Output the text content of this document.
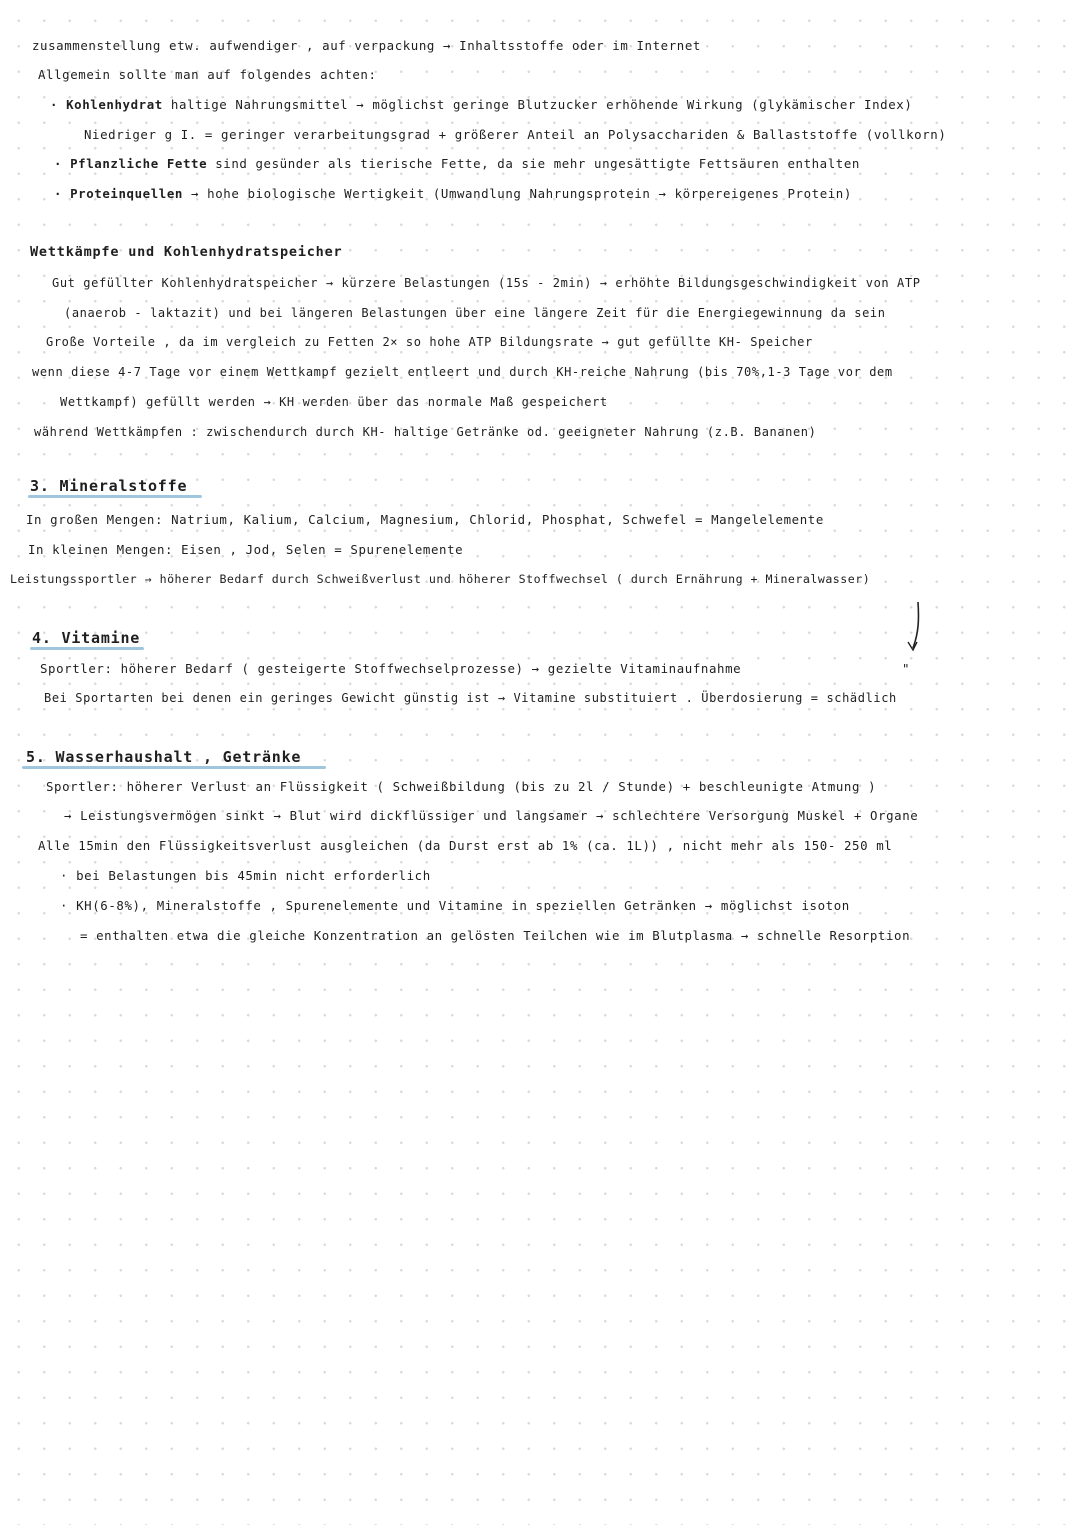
zusammenstellung etw. aufwendiger , auf verpackung → Inhaltsstoffe oder im Internet
Allgemein sollte man auf folgendes achten:
· Kohlenhydrat haltige Nahrungsmittel → möglichst geringe Blutzucker erhöhende Wirkung (glykämischer Index)
Niedriger g I. = geringer verarbeitungsgrad + größerer Anteil an Polysacchariden & Ballaststoffe (vollkorn)
· Pflanzliche Fette sind gesünder als tierische Fette, da sie mehr ungesättigte Fettsäuren enthalten
· Proteinquellen → hohe biologische Wertigkeit (Umwandlung Nahrungsprotein → körpereigenes Protein)
Wettkämpfe und Kohlenhydratspeicher
Gut gefüllter Kohlenhydratspeicher → kürzere Belastungen (15s - 2min) → erhöhte Bildungsgeschwindigkeit von ATP
(anaerob - laktazit) und bei längeren Belastungen über eine längere Zeit für die Energiegewinnung da sein
Große Vorteile , da im vergleich zu Fetten 2× so hohe ATP Bildungsrate → gut gefüllte KH- Speicher
wenn diese 4-7 Tage vor einem Wettkampf gezielt entleert und durch KH-reiche Nahrung (bis 70%,1-3 Tage vor dem
Wettkampf) gefüllt werden → KH werden über das normale Maß gespeichert
während Wettkämpfen : zwischendurch durch KH- haltige Getränke od. geeigneter Nahrung (z.B. Bananen)
3. Mineralstoffe
In großen Mengen: Natrium, Kalium, Calcium, Magnesium, Chlorid, Phosphat, Schwefel = Mangelelemente
In kleinen Mengen: Eisen , Jod, Selen = Spurenelemente
Leistungssportler → höherer Bedarf durch Schweißverlust und höherer Stoffwechsel ( durch Ernährung + Mineralwasser)
4. Vitamine
Sportler: höherer Bedarf ( gesteigerte Stoffwechselprozesse) → gezielte Vitaminaufnahme	"
Bei Sportarten bei denen ein geringes Gewicht günstig ist → Vitamine substituiert . Überdosierung = schädlich
5. Wasserhaushalt , Getränke
Sportler: höherer Verlust an Flüssigkeit ( Schweißbildung (bis zu 2l / Stunde) + beschleunigte Atmung )
→ Leistungsvermögen sinkt → Blut wird dickflüssiger und langsamer → schlechtere Versorgung Muskel + Organe
Alle 15min den Flüssigkeitsverlust ausgleichen (da Durst erst ab 1% (ca. 1L)) , nicht mehr als 150- 250 ml
· bei Belastungen bis 45min nicht erforderlich
· KH(6-8%), Mineralstoffe , Spurenelemente und Vitamine in speziellen Getränken → möglichst isoton
= enthalten etwa die gleiche Konzentration an gelösten Teilchen wie im Blutplasma → schnelle Resorption
